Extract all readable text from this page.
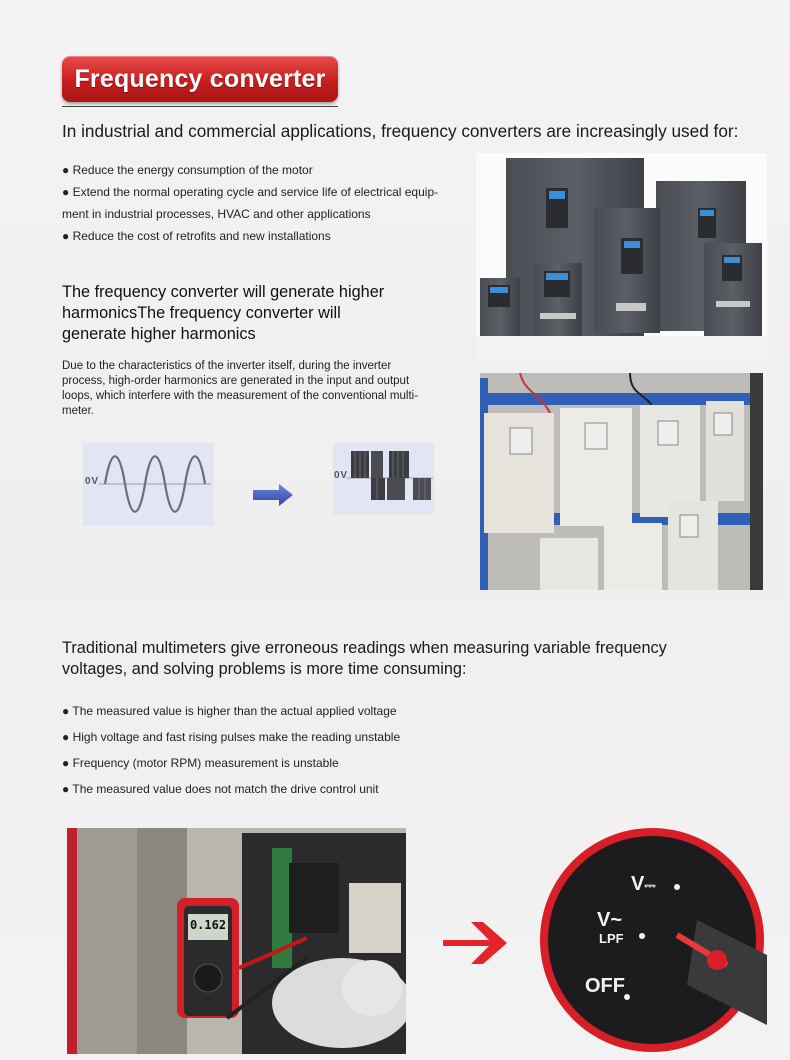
Frequency converter
In industrial and commercial applications, frequency converters are increasingly used for:
● Reduce the energy consumption of the motor
● Extend the normal operating cycle and service life of electrical equip-
ment in industrial processes, HVAC and other applications
● Reduce the cost of retrofits and new installations
The frequency converter will generate higher
harmonicsThe frequency converter will
generate higher harmonics
Due to the characteristics of the inverter itself, during the inverter
process, high-order harmonics are generated in the input and output
loops, which interfere with the measurement of the conventional multi-
meter.
0 V
0 V
Traditional multimeters give erroneous readings when measuring variable frequency
voltages, and solving problems is more time consuming:
● The measured value is higher than the actual applied voltage
● High voltage and fast rising pulses make the reading unstable
● Frequency (motor RPM) measurement is unstable
● The measured value does not match the drive control unit
0.162
V⎓
V~
LPF
OFF
